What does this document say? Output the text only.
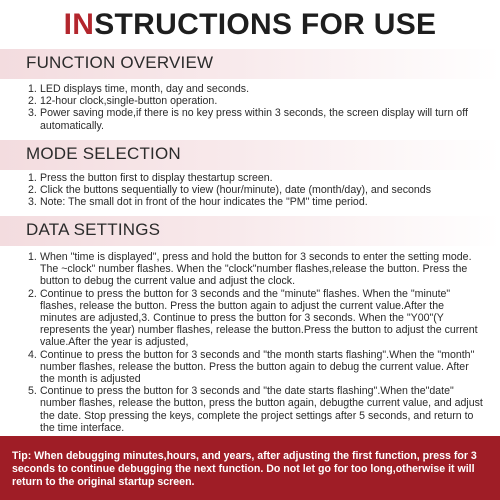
INSTRUCTIONS FOR USE
FUNCTION OVERVIEW
1. LED displays time, month, day and seconds.
2. 12-hour clock,single-button operation.
3. Power saving mode,if there is no key press within 3 seconds, the screen display will turn off automatically.
MODE SELECTION
1. Press the button first to display thestartup screen.
2. Click the buttons sequentially to view (hour/minute), date (month/day), and seconds
3. Note: The small dot in front of the hour indicates the "PM" time period.
DATA SETTINGS
1. When "time is displayed", press and hold the button for 3 seconds to enter the setting mode. The ~clock" number flashes. When the "clock"number flashes,release the button. Press the button to debug the current value and adjust the clock.
2. Continue to press the button for 3 seconds and the "minute" flashes. When the "minute" flashes, release the button. Press the button again to adjust the current value.After the minutes are adjusted,3. Continue to press the button for 3 seconds. When the "Y00"(Y represents the year) number flashes, release the button.Press the button to adjust the current value.After the year is adjusted,
4. Continue to press the button for 3 seconds and "the month starts flashing".When the "month" number flashes, release the button. Press the button again to debug the current value. After the month is adjusted
5. Continue to press the button for 3 seconds and "the date starts flashing".When the"date" number flashes, release the button, press the button again, debugthe current value, and adjust the date. Stop pressing the keys, complete the project settings after 5 seconds, and return to the time interface.
Tip: When debugging minutes,hours, and years, after adjusting the first function, press for 3 seconds to continue debugging the next function. Do not let go for too long,otherwise it will return to the original startup screen.
